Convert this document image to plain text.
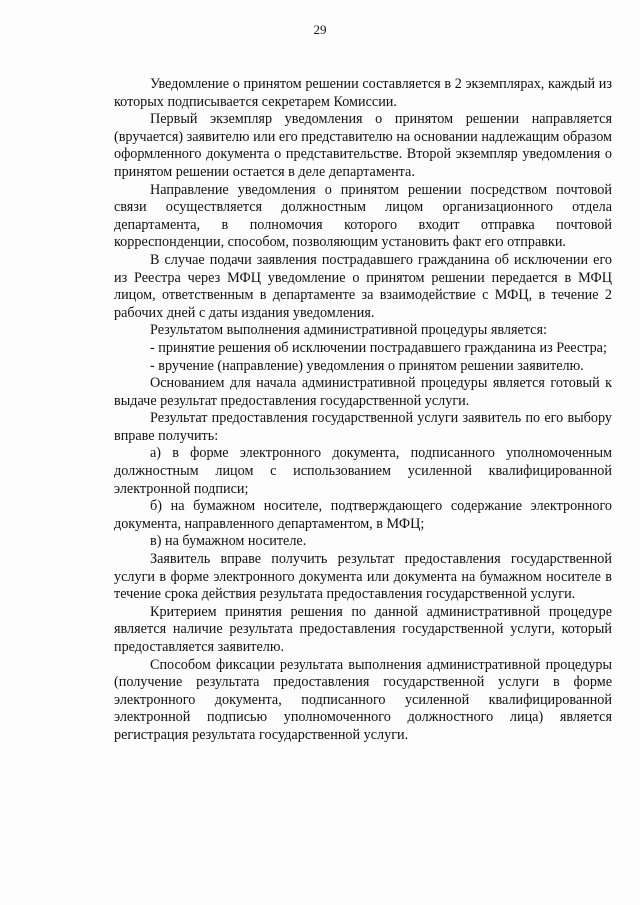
29

Уведомление о принятом решении составляется в 2 экземплярах, каждый из которых подписывается секретарем Комиссии.

Первый экземпляр уведомления о принятом решении направляется (вручается) заявителю или его представителю на основании надлежащим образом оформленного документа о представительстве. Второй экземпляр уведомления о принятом решении остается в деле департамента.

Направление уведомления о принятом решении посредством почтовой связи осуществляется должностным лицом организационного отдела департамента, в полномочия которого входит отправка почтовой корреспонденции, способом, позволяющим установить факт его отправки.

В случае подачи заявления пострадавшего гражданина об исключении его из Реестра через МФЦ уведомление о принятом решении передается в МФЦ лицом, ответственным в департаменте за взаимодействие с МФЦ, в течение 2 рабочих дней с даты издания уведомления.

Результатом выполнения административной процедуры является:

- принятие решения об исключении пострадавшего гражданина из Реестра;

- вручение (направление) уведомления о принятом решении заявителю.

Основанием для начала административной процедуры является готовый к выдаче результат предоставления государственной услуги.

Результат предоставления государственной услуги заявитель по его выбору вправе получить:

а) в форме электронного документа, подписанного уполномоченным должностным лицом с использованием усиленной квалифицированной электронной подписи;

б) на бумажном носителе, подтверждающего содержание электронного документа, направленного департаментом, в МФЦ;

в) на бумажном носителе.

Заявитель вправе получить результат предоставления государственной услуги в форме электронного документа или документа на бумажном носителе в течение срока действия результата предоставления государственной услуги.

Критерием принятия решения по данной административной процедуре является наличие результата предоставления государственной услуги, который предоставляется заявителю.

Способом фиксации результата выполнения административной процедуры (получение результата предоставления государственной услуги в форме электронного документа, подписанного усиленной квалифицированной электронной подписью уполномоченного должностного лица) является регистрация результата государственной услуги.
